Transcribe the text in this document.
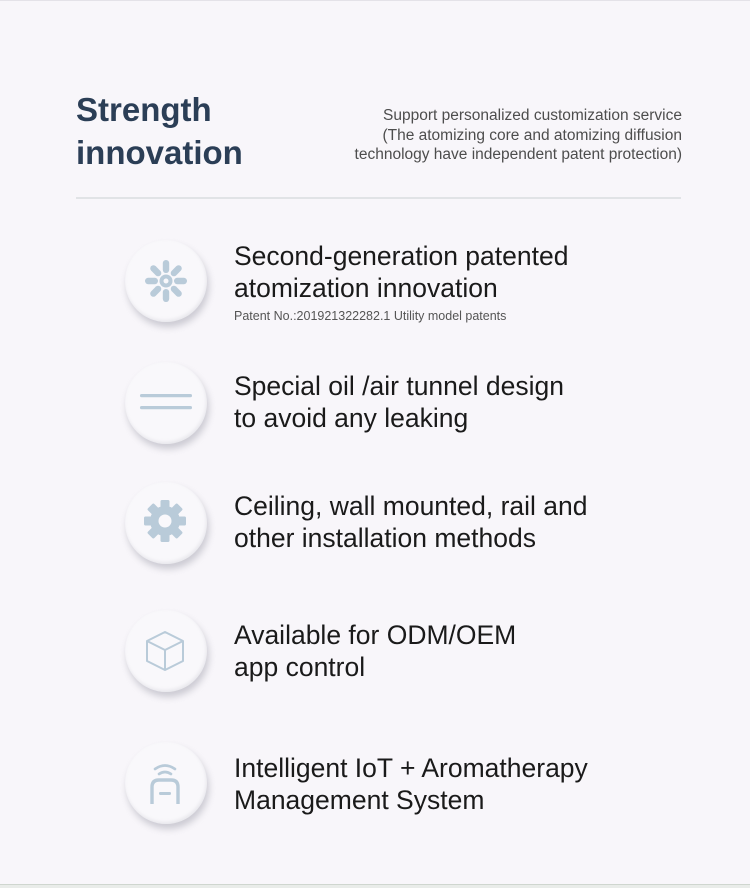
Strength
innovation
Support personalized customization service
(The atomizing core and atomizing diffusion
technology have independent patent protection)
Second-generation patented
atomization innovation
Patent No.:201921322282.1 Utility model patents
Special oil /air tunnel design
to avoid any leaking
Ceiling, wall mounted, rail and
other installation methods
Available for ODM/OEM
app control
Intelligent IoT + Aromatherapy
Management System
